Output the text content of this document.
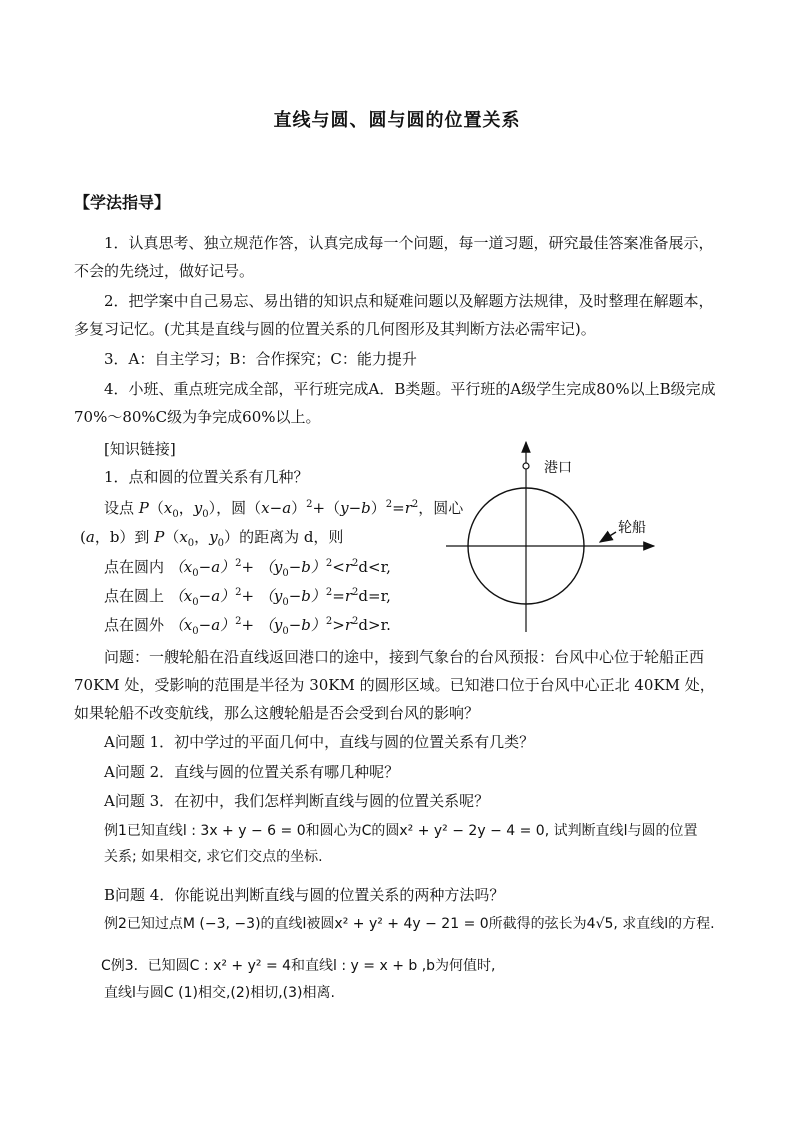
直线与圆、圆与圆的位置关系
【学法指导】
1．认真思考、独立规范作答，认真完成每一个问题，每一道习题，研究最佳答案准备展示，不会的先绕过，做好记号。
2．把学案中自己易忘、易出错的知识点和疑难问题以及解题方法规律，及时整理在解题本，多复习记忆。(尤其是直线与圆的位置关系的几何图形及其判断方法必需牢记)。
3．A：自主学习；B：合作探究；C：能力提升
4．小班、重点班完成全部，平行班完成A．B类题。平行班的A级学生完成80%以上B级完成70%～80%C级为争完成60%以上。
[知识链接]
1．点和圆的位置关系有几种？
设点 $P(x_0$，$y_0$），圆$(x-a)^2+(y-b)^2=r^2$，圆心
(a，b）到 $P(x_0$，$y_0$）的距离为 d，则
点在圆内 $(x_0-a)^2+ (y_0-b)^2<r^2d<r$,
点在圆上 $(x_0-a)^2+ (y_0-b)^2=r^2d=r$,
点在圆外 $(x_0-a)^2+ (y_0-b)^2>r^2d>r$.
港口
轮船
问题：一艘轮船在沿直线返回港口的途中，接到气象台的台风预报：台风中心位于轮船正西 70KM 处，受影响的范围是半径为 30KM 的圆形区域。已知港口位于台风中心正北 40KM 处，如果轮船不改变航线，那么这艘轮船是否会受到台风的影响？
A问题 1．初中学过的平面几何中，直线与圆的位置关系有几类？
A问题 2．直线与圆的位置关系有哪几种呢？
A问题 3．在初中，我们怎样判断直线与圆的位置关系呢？
例1已知直线l : 3x + y − 6 = 0和圆心为C的圆x² + y² − 2y − 4 = 0, 试判断直线l与圆的位置
关系; 如果相交, 求它们交点的坐标.
B问题 4．你能说出判断直线与圆的位置关系的两种方法吗？
例2已知过点M (−3, −3)的直线l被圆x² + y² + 4y − 21 = 0所截得的弦长为4√5, 求直线l的方程.
C例3．已知圆C : x² + y² = 4和直线l : y = x + b ,b为何值时,
直线l与圆C (1)相交,(2)相切,(3)相离.
